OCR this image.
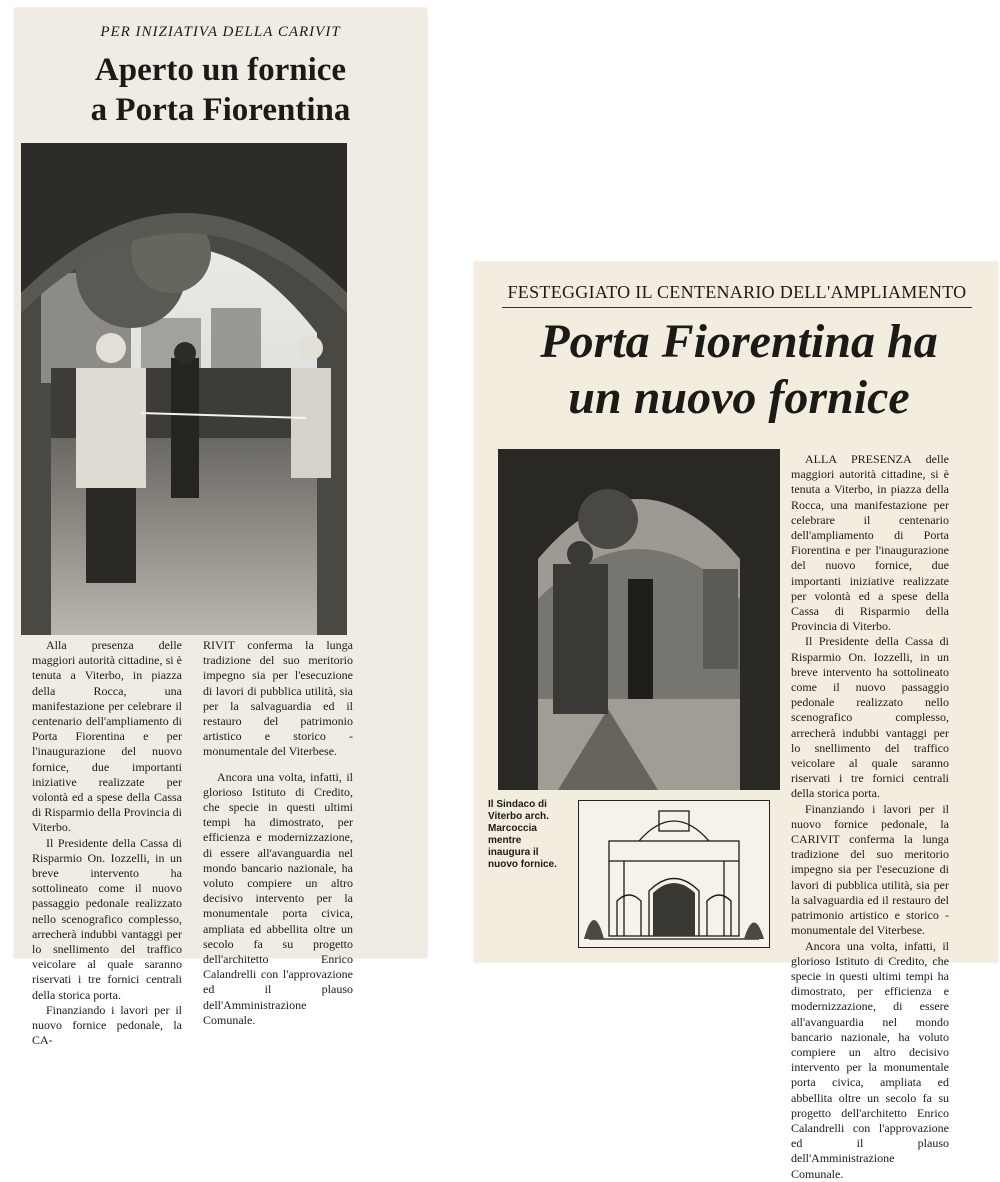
PER INIZIATIVA DELLA CARIVIT
Aperto un fornice
a Porta Fiorentina

Alla presenza delle maggiori autorità cittadine, si è tenuta a Viterbo, in piazza della Rocca, una manifestazione per celebrare il centenario dell'ampliamento di Porta Fiorentina e per l'inaugurazione del nuovo fornice, due importanti iniziative realizzate per volontà ed a spese della Cassa di Risparmio della Provincia di Viterbo.

Il Presidente della Cassa di Risparmio On. Iozzelli, in un breve intervento ha sottolineato come il nuovo passaggio pedonale realizzato nello scenografico complesso, arrecherà indubbi vantaggi per lo snellimento del traffico veicolare al quale saranno riservati i tre fornici centrali della storica porta.

Finanziando i lavori per il nuovo fornice pedonale, la CA-

RIVIT conferma la lunga tradizione del suo meritorio impegno sia per l'esecuzione di lavori di pubblica utilità, sia per la salvaguardia ed il restauro del patrimonio artistico e storico -monumentale del Viterbese.

Ancora una volta, infatti, il glorioso Istituto di Credito, che specie in questi ultimi tempi ha dimostrato, per efficienza e modernizzazione, di essere all'avanguardia nel mondo bancario nazionale, ha voluto compiere un altro decisivo intervento per la monumentale porta civica, ampliata ed abbellita oltre un secolo fa su progetto dell'architetto Enrico Calandrelli con l'approvazione ed il plauso dell'Amministrazione Comunale.

FESTEGGIATO IL CENTENARIO DELL'AMPLIAMENTO
Porta Fiorentina ha
un nuovo fornice

ALLA PRESENZA delle maggiori autorità cittadine, si è tenuta a Viterbo, in piazza della Rocca, una manifestazione per celebrare il centenario dell'ampliamento di Porta Fiorentina e per l'inaugurazione del nuovo fornice, due importanti iniziative realizzate per volontà ed a spese della Cassa di Risparmio della Provincia di Viterbo.

Il Presidente della Cassa di Risparmio On. Iozzelli, in un breve intervento ha sottolineato come il nuovo passaggio pedonale realizzato nello scenografico complesso, arrecherà indubbi vantaggi per lo snellimento del traffico veicolare al quale saranno riservati i tre fornici centrali della storica porta.

Finanziando i lavori per il nuovo fornice pedonale, la CARIVIT conferma la lunga tradizione del suo meritorio impegno sia per l'esecuzione di lavori di pubblica utilità, sia per la salvaguardia ed il restauro del patrimonio artistico e storico - monumentale del Viterbese.

Ancora una volta, infatti, il glorioso Istituto di Credito, che specie in questi ultimi tempi ha dimostrato, per efficienza e modernizzazione, di essere all'avanguardia nel mondo bancario nazionale, ha voluto compiere un altro decisivo intervento per la monumentale porta civica, ampliata ed abbellita oltre un secolo fa su progetto dell'architetto Enrico Calandrelli con l'approvazione ed il plauso dell'Amministrazione Comunale.

Il Sindaco di Viterbo arch. Marcoccia mentre inaugura il nuovo fornice.
